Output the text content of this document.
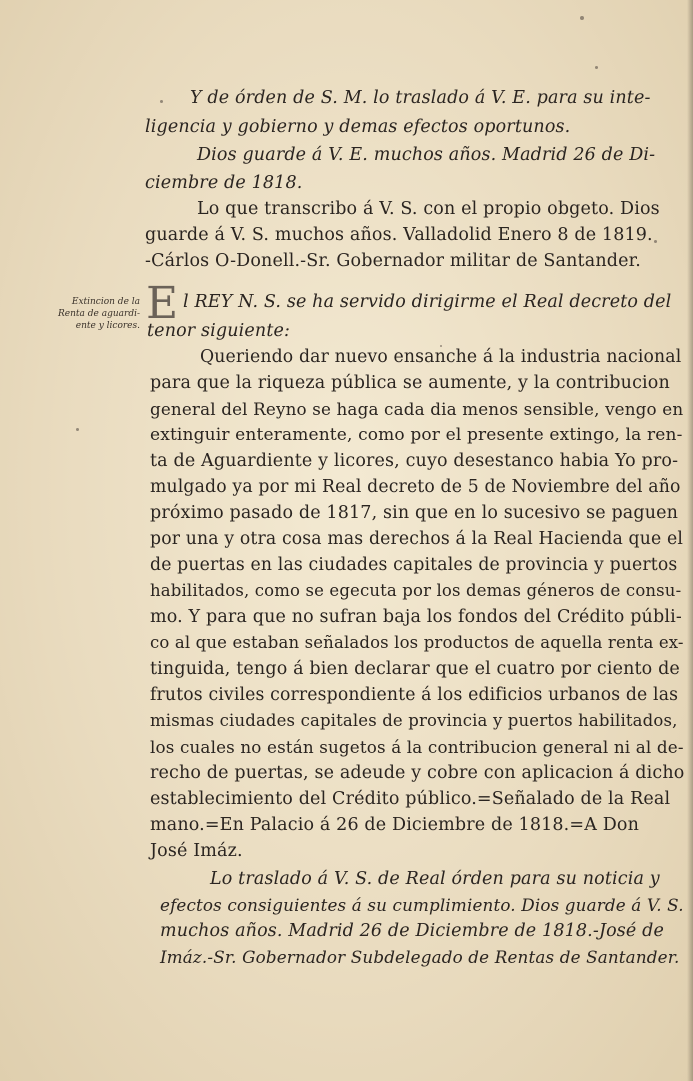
Y de órden de S. M. lo traslado á V. E. para su inte-
ligencia y gobierno y demas efectos oportunos.
Dios guarde á V. E. muchos años. Madrid 26 de Di-
ciembre de 1818.
Lo que transcribo á V. S. con el propio obgeto. Dios
guarde á V. S. muchos años. Valladolid Enero 8 de 1819.
-Cárlos O-Donell.-Sr. Gobernador militar de Santander.
Extincion de la
Renta de aguardi-
ente y licores. E l REY N. S. se ha servido dirigirme el Real decreto del
tenor siguiente:
Queriendo dar nuevo ensanche á la industria nacional
para que la riqueza pública se aumente, y la contribucion
general del Reyno se haga cada dia menos sensible, vengo en
extinguir enteramente, como por el presente extingo, la ren-
ta de Aguardiente y licores, cuyo desestanco habia Yo pro-
mulgado ya por mi Real decreto de 5 de Noviembre del año
próximo pasado de 1817, sin que en lo sucesivo se paguen
por una y otra cosa mas derechos á la Real Hacienda que el
de puertas en las ciudades capitales de provincia y puertos
habilitados, como se egecuta por los demas géneros de consu-
mo. Y para que no sufran baja los fondos del Crédito públi-
co al que estaban señalados los productos de aquella renta ex-
tinguida, tengo á bien declarar que el cuatro por ciento de
frutos civiles correspondiente á los edificios urbanos de las
mismas ciudades capitales de provincia y puertos habilitados,
los cuales no están sugetos á la contribucion general ni al de-
recho de puertas, se adeude y cobre con aplicacion á dicho
establecimiento del Crédito público.=Señalado de la Real
mano.=En Palacio á 26 de Diciembre de 1818.=A Don
José Imáz.
Lo traslado á V. S. de Real órden para su noticia y
efectos consiguientes á su cumplimiento. Dios guarde á V. S.
muchos años. Madrid 26 de Diciembre de 1818.-José de
Imáz.-Sr. Gobernador Subdelegado de Rentas de Santander.
